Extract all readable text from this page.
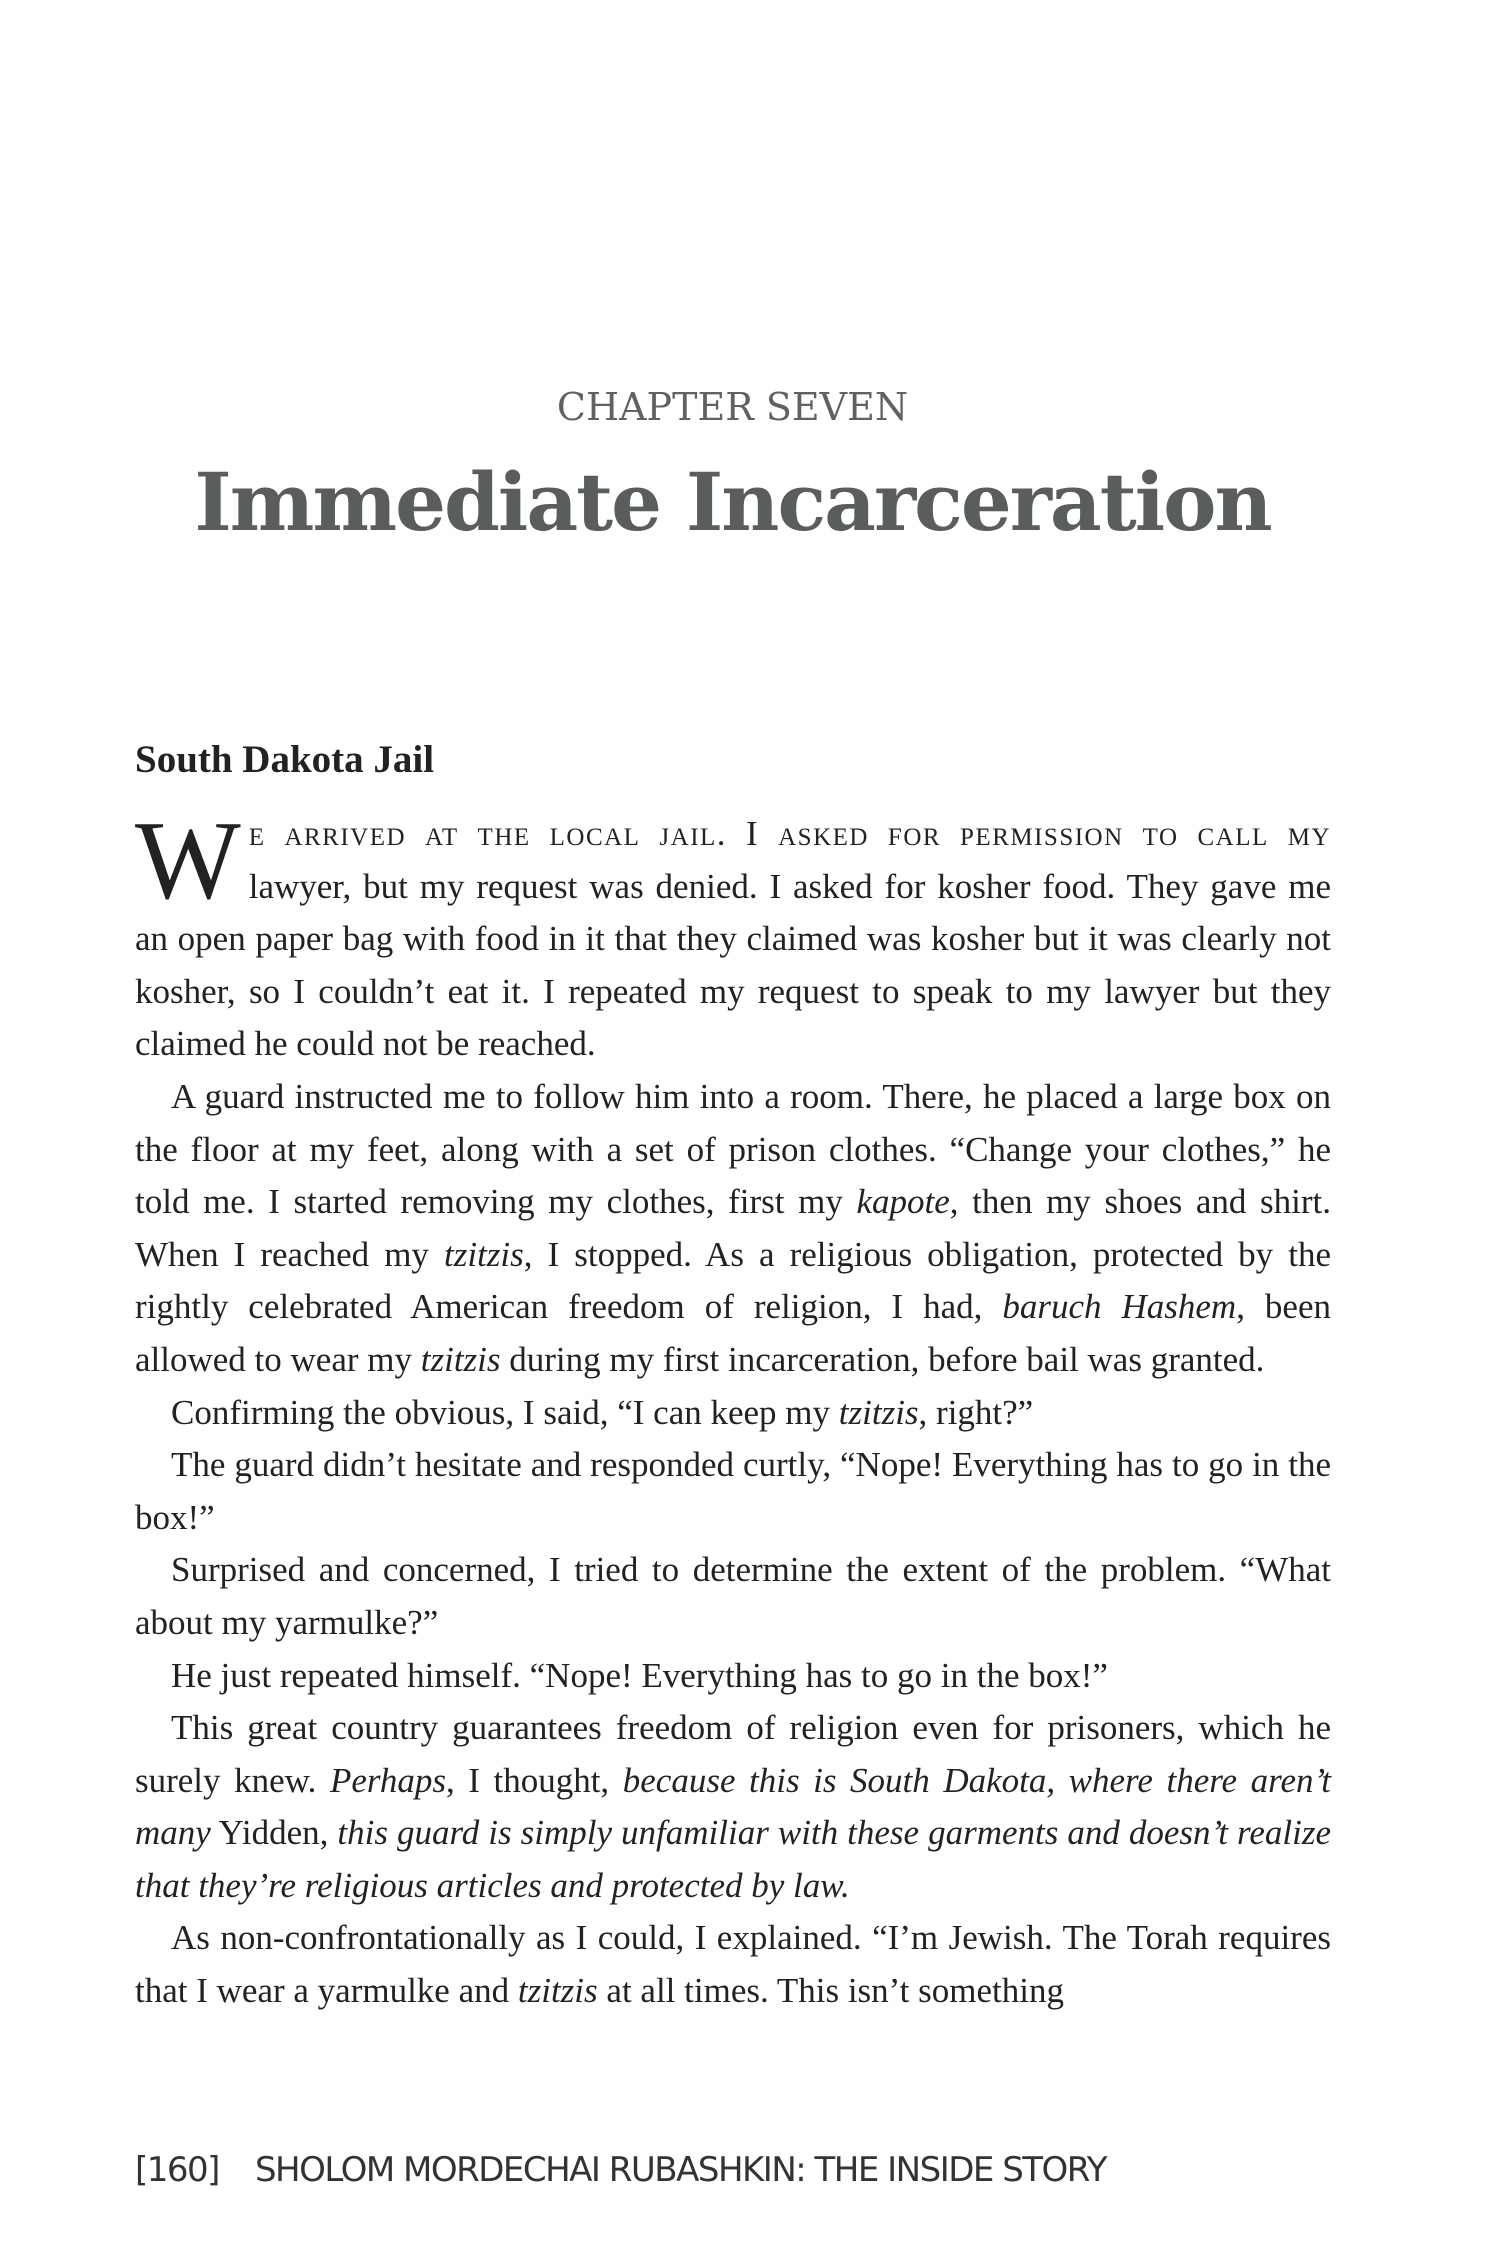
CHAPTER SEVEN
Immediate Incarceration
South Dakota Jail

We arrived at the local jail. I asked for permission to call my lawyer, but my request was denied. I asked for kosher food. They gave me an open paper bag with food in it that they claimed was kosher but it was clearly not kosher, so I couldn’t eat it. I repeated my request to speak to my lawyer but they claimed he could not be reached.

A guard instructed me to follow him into a room. There, he placed a large box on the floor at my feet, along with a set of prison clothes. “Change your clothes,” he told me. I started removing my clothes, first my kapote, then my shoes and shirt. When I reached my tzitzis, I stopped. As a religious obligation, protected by the rightly celebrated American freedom of religion, I had, baruch Hashem, been allowed to wear my tzitzis during my first incarceration, before bail was granted.

Confirming the obvious, I said, “I can keep my tzitzis, right?”

The guard didn’t hesitate and responded curtly, “Nope! Everything has to go in the box!”

Surprised and concerned, I tried to determine the extent of the problem. “What about my yarmulke?”

He just repeated himself. “Nope! Everything has to go in the box!”

This great country guarantees freedom of religion even for prisoners, which he surely knew. Perhaps, I thought, because this is South Dakota, where there aren’t many Yidden, this guard is simply unfamiliar with these garments and doesn’t realize that they’re religious articles and protected by law.

As non-confrontationally as I could, I explained. “I’m Jewish. The Torah requires that I wear a yarmulke and tzitzis at all times. This isn’t something

[160] SHOLOM MORDECHAI RUBASHKIN: THE INSIDE STORY
